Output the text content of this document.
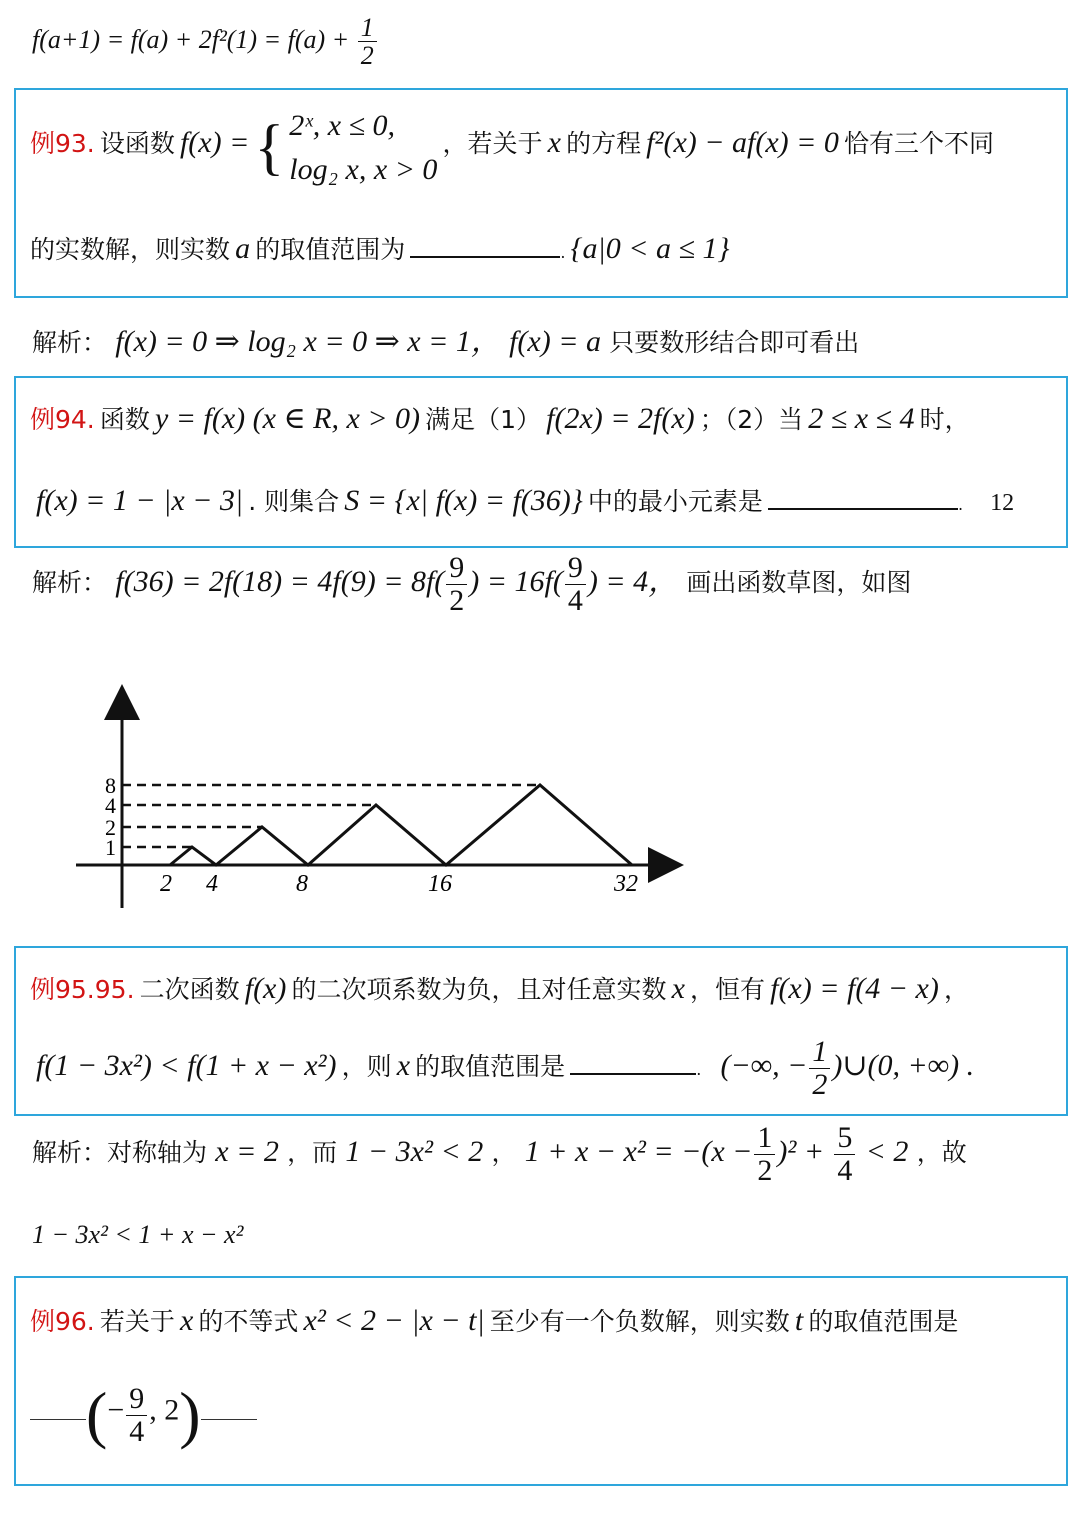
$f(a+1) = f(a) + 2f^2(1) = f(a) + \frac{1}{2}$
例93. 设函数 f(x) = { 2ˣ, x ≤ 0,
log₂ x, x > 0
，若关于 x 的方程 f²(x) − af(x) = 0 恰有三个不同
的实数解，则实数 a 的取值范围为	. {a|0 < a ≤ 1}
解析： f(x) = 0 ⇒ log₂ x = 0 ⇒ x = 1， f(x) = a 只要数形结合即可看出
例94. 函数 y = f(x) (x ∈ R, x > 0) 满足（1） f(2x) = 2f(x) ；（2）当 2 ≤ x ≤ 4 时，
f(x) = 1 − |x − 3| . 则集合 S = {x| f(x) = f(36)} 中的最小元素是	. 12
解析： $f(36) = 2f(18) = 4f(9) = 8f( \frac{9}{2}$ ) = $16f( \frac{9}{4}$ ) = 4， 画出函数草图，如图
2 4	8	16	32
1
2
4
8
例95.95. 二次函数 f(x) 的二次项系数为负，且对任意实数 x ，恒有 f(x) = f(4 − x) ，
f(1 − 3x²) < f(1 + x − x²) ，则 x 的取值范围是	. (−∞, − $\frac{1}{2}$ )∪(0, +∞) .
解析：对称轴为 x = 2 ，而 1 − 3x² < 2 ， $1 + x - x^2 = -(x - \frac{1}{2} )^2 + \frac{5}{4} < 2$ ，故
1 − 3x² < 1 + x − x²
例96. 若关于 x 的不等式 x² < 2 − |x − t| 至少有一个负数解，则实数 t 的取值范围是
(− $\frac{9}{4}$ , 2)
